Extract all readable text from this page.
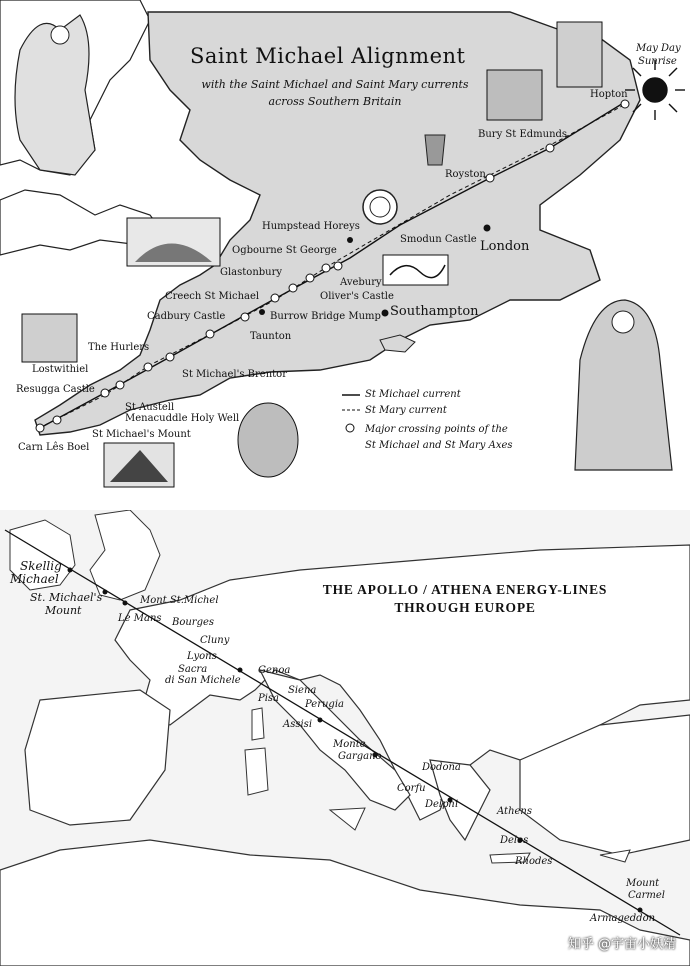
Saint Michael Alignment
with the Saint Michael and Saint Mary currents
across Southern Britain
May Day
Sunrise
Hopton
Bury St Edmunds
Royston
London
Southampton
Humpstead Horeys
Ogbourne St George
Smodun Castle
Glastonbury
Avebury
Oliver's Castle
Creech St Michael
Cadbury Castle	Burrow Bridge Mump
Taunton
The Hurlers
Lostwithiel	St Michael's Brentor
Resugga Castle
St Austell
Menacuddle Holy Well
St Michael's Mount
Carn Lês Boel
St Michael current
St Mary current
Major crossing points of the
St Michael and St Mary Axes
THE APOLLO / ATHENA ENERGY-LINES
THROUGH EUROPE
Skellig
Michael
St. Michael's
Mount
Mont St.Michel
Le Mans Bourges
Cluny
Lyons
Sacra
di San Michele
Genoa
Pisa
Siena
Perugia
Assisi
Monte
Gargano
Dodona
Corfu
Delphi
Athens
Delos
Rhodes
Mount
Carmel
Armageddon
知乎 @宇宙小妖精
